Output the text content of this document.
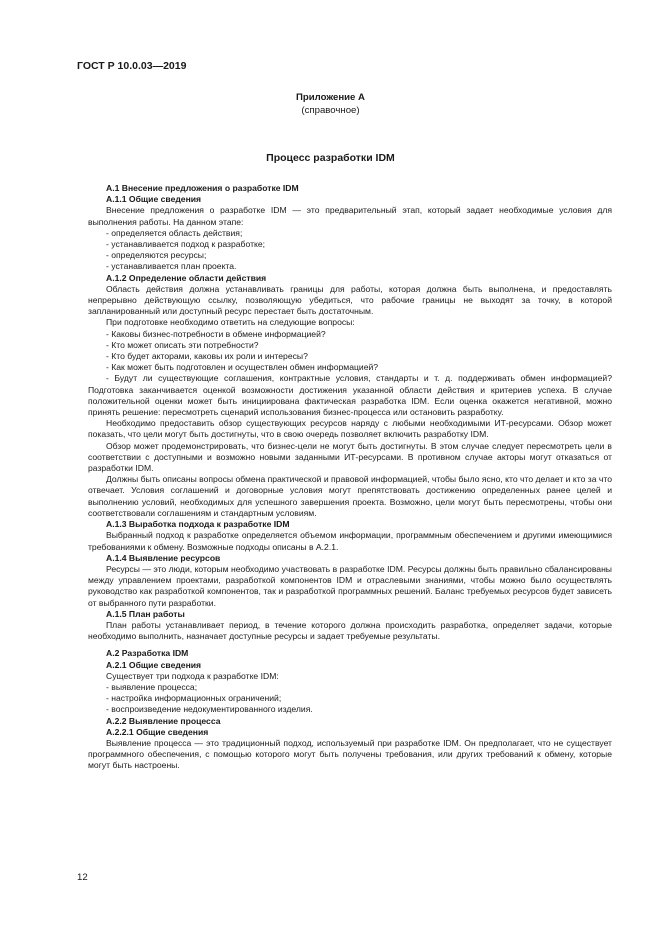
ГОСТ Р 10.0.03—2019
Приложение А
(справочное)
Процесс разработки IDM
А.1 Внесение предложения о разработке IDM
А.1.1 Общие сведения

Внесение предложения о разработке IDM — это предварительный этап, который задает необходимые условия для выполнения работы. На данном этапе:

- определяется область действия;
- устанавливается подход к разработке;
- определяются ресурсы;
- устанавливается план проекта.
А.1.2 Определение области действия

Область действия должна устанавливать границы для работы, которая должна быть выполнена, и предоставлять непрерывно действующую ссылку, позволяющую убедиться, что рабочие границы не выходят за точку, в которой запланированный или доступный ресурс перестает быть достаточным.

При подготовке необходимо ответить на следующие вопросы:

- Каковы бизнес-потребности в обмене информацией?
- Кто может описать эти потребности?
- Кто будет акторами, каковы их роли и интересы?
- Как может быть подготовлен и осуществлен обмен информацией?

- Будут ли существующие соглашения, контрактные условия, стандарты и т. д. поддерживать обмен информацией? Подготовка заканчивается оценкой возможности достижения указанной области действия и критериев успеха. В случае положительной оценки может быть инициирована фактическая разработка IDM. Если оценка окажется негативной, можно принять решение: пересмотреть сценарий использования бизнес-процесса или остановить разработку.

Необходимо предоставить обзор существующих ресурсов наряду с любыми необходимыми ИТ-ресурсами. Обзор может показать, что цели могут быть достигнуты, что в свою очередь позволяет включить разработку IDM.

Обзор может продемонстрировать, что бизнес-цели не могут быть достигнуты. В этом случае следует пересмотреть цели в соответствии с доступными и возможно новыми заданными ИТ-ресурсами. В противном случае акторы могут отказаться от разработки IDM.

Должны быть описаны вопросы обмена практической и правовой информацией, чтобы было ясно, кто что делает и кто за что отвечает. Условия соглашений и договорные условия могут препятствовать достижению определенных ранее целей и выполнению условий, необходимых для успешного завершения проекта. Возможно, цели могут быть пересмотрены, чтобы они соответствовали соглашениям и стандартным условиям.

А.1.3 Выработка подхода к разработке IDM

Выбранный подход к разработке определяется объемом информации, программным обеспечением и другими имеющимися требованиями к обмену. Возможные подходы описаны в А.2.1.

А.1.4 Выявление ресурсов

Ресурсы — это люди, которым необходимо участвовать в разработке IDM. Ресурсы должны быть правильно сбалансированы между управлением проектами, разработкой компонентов IDM и отраслевыми знаниями, чтобы можно было осуществлять руководство как разработкой компонентов, так и разработкой программных решений. Баланс требуемых ресурсов будет зависеть от выбранного пути разработки.

А.1.5 План работы

План работы устанавливает период, в течение которого должна происходить разработка, определяет задачи, которые необходимо выполнить, назначает доступные ресурсы и задает требуемые результаты.

А.2 Разработка IDM
А.2.1 Общие сведения

Существует три подхода к разработке IDM:

- выявление процесса;
- настройка информационных ограничений;
- воспроизведение недокументированного изделия.
А.2.2 Выявление процесса
А.2.2.1 Общие сведения

Выявление процесса — это традиционный подход, используемый при разработке IDM. Он предполагает, что не существует программного обеспечения, с помощью которого могут быть получены требования, или других требований к обмену, которые могут быть настроены.

12
